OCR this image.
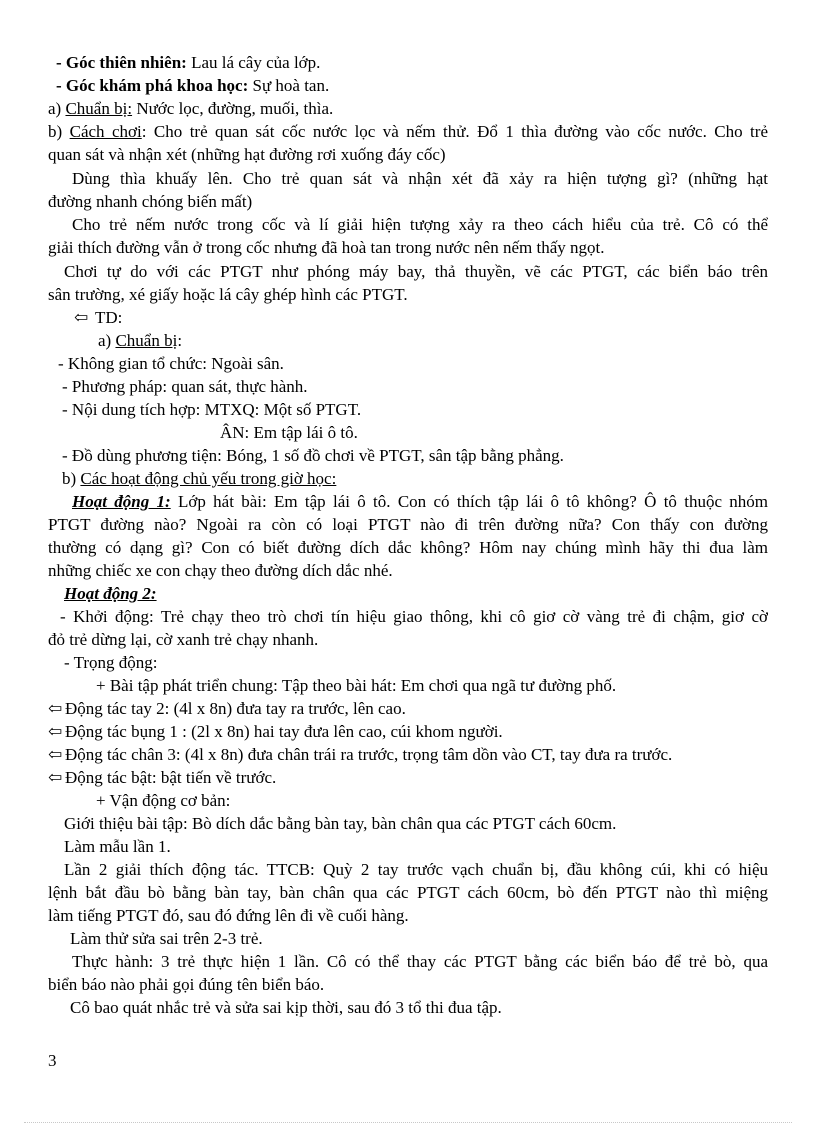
- Góc thiên nhiên: Lau lá cây của lớp.
- Góc khám phá khoa học: Sự hoà tan.
a) Chuẩn bị: Nước lọc, đường, muối, thìa.
b) Cách chơi: Cho trẻ quan sát cốc nước lọc và nếm thử. Đổ 1 thìa đường vào cốc nước. Cho trẻ
quan sát và nhận xét (những hạt đường rơi xuống đáy cốc)
Dùng thìa khuấy lên. Cho trẻ quan sát và nhận xét đã xảy ra hiện tượng gì? (những hạt
đường nhanh chóng biến mất)
Cho trẻ nếm nước trong cốc và lí giải hiện tượng xảy ra theo cách hiểu của trẻ. Cô có thể
giải thích đường vẫn ở trong cốc nhưng đã hoà tan trong nước nên nếm thấy ngọt.
Chơi tự do với các PTGT như phóng máy bay, thả thuyền, vẽ các PTGT, các biển báo trên
sân trường, xé giấy hoặc lá cây ghép hình các PTGT.
⇦ TD:
a) Chuẩn bị:
- Không gian tổ chức: Ngoài sân.
- Phương pháp: quan sát, thực hành.
- Nội dung tích hợp: MTXQ: Một số PTGT.
ÂN: Em tập lái ô tô.
- Đồ dùng phương tiện: Bóng, 1 số đồ chơi về PTGT, sân tập bằng phẳng.
b) Các hoạt động chủ yếu trong giờ học:
Hoạt động 1: Lớp hát bài: Em tập lái ô tô. Con có thích tập lái ô tô không? Ô tô thuộc nhóm
PTGT đường nào? Ngoài ra còn có loại PTGT nào đi trên đường nữa? Con thấy con đường
thường có dạng gì? Con có biết đường dích dắc không? Hôm nay chúng mình hãy thi đua làm
những chiếc xe con chạy theo đường dích dắc nhé.
Hoạt động 2:
- Khởi động: Trẻ chạy theo trò chơi tín hiệu giao thông, khi cô giơ cờ vàng trẻ đi chậm, giơ cờ
đỏ trẻ dừng lại, cờ xanh trẻ chạy nhanh.
- Trọng động:
+ Bài tập phát triển chung: Tập theo bài hát: Em chơi qua ngã tư đường phố.
⇦ Động tác tay 2: (4l x 8n) đưa tay ra trước, lên cao.
⇦ Động tác bụng 1 : (2l x 8n) hai tay đưa lên cao, cúi khom người.
⇦ Động tác chân 3: (4l x 8n) đưa chân trái ra trước, trọng tâm dồn vào CT, tay đưa ra trước.
⇦ Động tác bật: bật tiến về trước.
+ Vận động cơ bản:
Giới thiệu bài tập: Bò dích dắc bằng bàn tay, bàn chân qua các PTGT cách 60cm.
Làm mẫu lần 1.
Lần 2 giải thích động tác. TTCB: Quỳ 2 tay trước vạch chuẩn bị, đầu không cúi, khi có hiệu
lệnh bắt đầu bò bằng bàn tay, bàn chân qua các PTGT cách 60cm, bò đến PTGT nào thì miệng
làm tiếng PTGT đó, sau đó đứng lên đi về cuối hàng.
Làm thử sửa sai trên 2-3 trẻ.
Thực hành: 3 trẻ thực hiện 1 lần. Cô có thể thay các PTGT bằng các biển báo để trẻ bò, qua
biển báo nào phải gọi đúng tên biển báo.
Cô bao quát nhắc trẻ và sửa sai kịp thời, sau đó 3 tổ thi đua tập.
3
